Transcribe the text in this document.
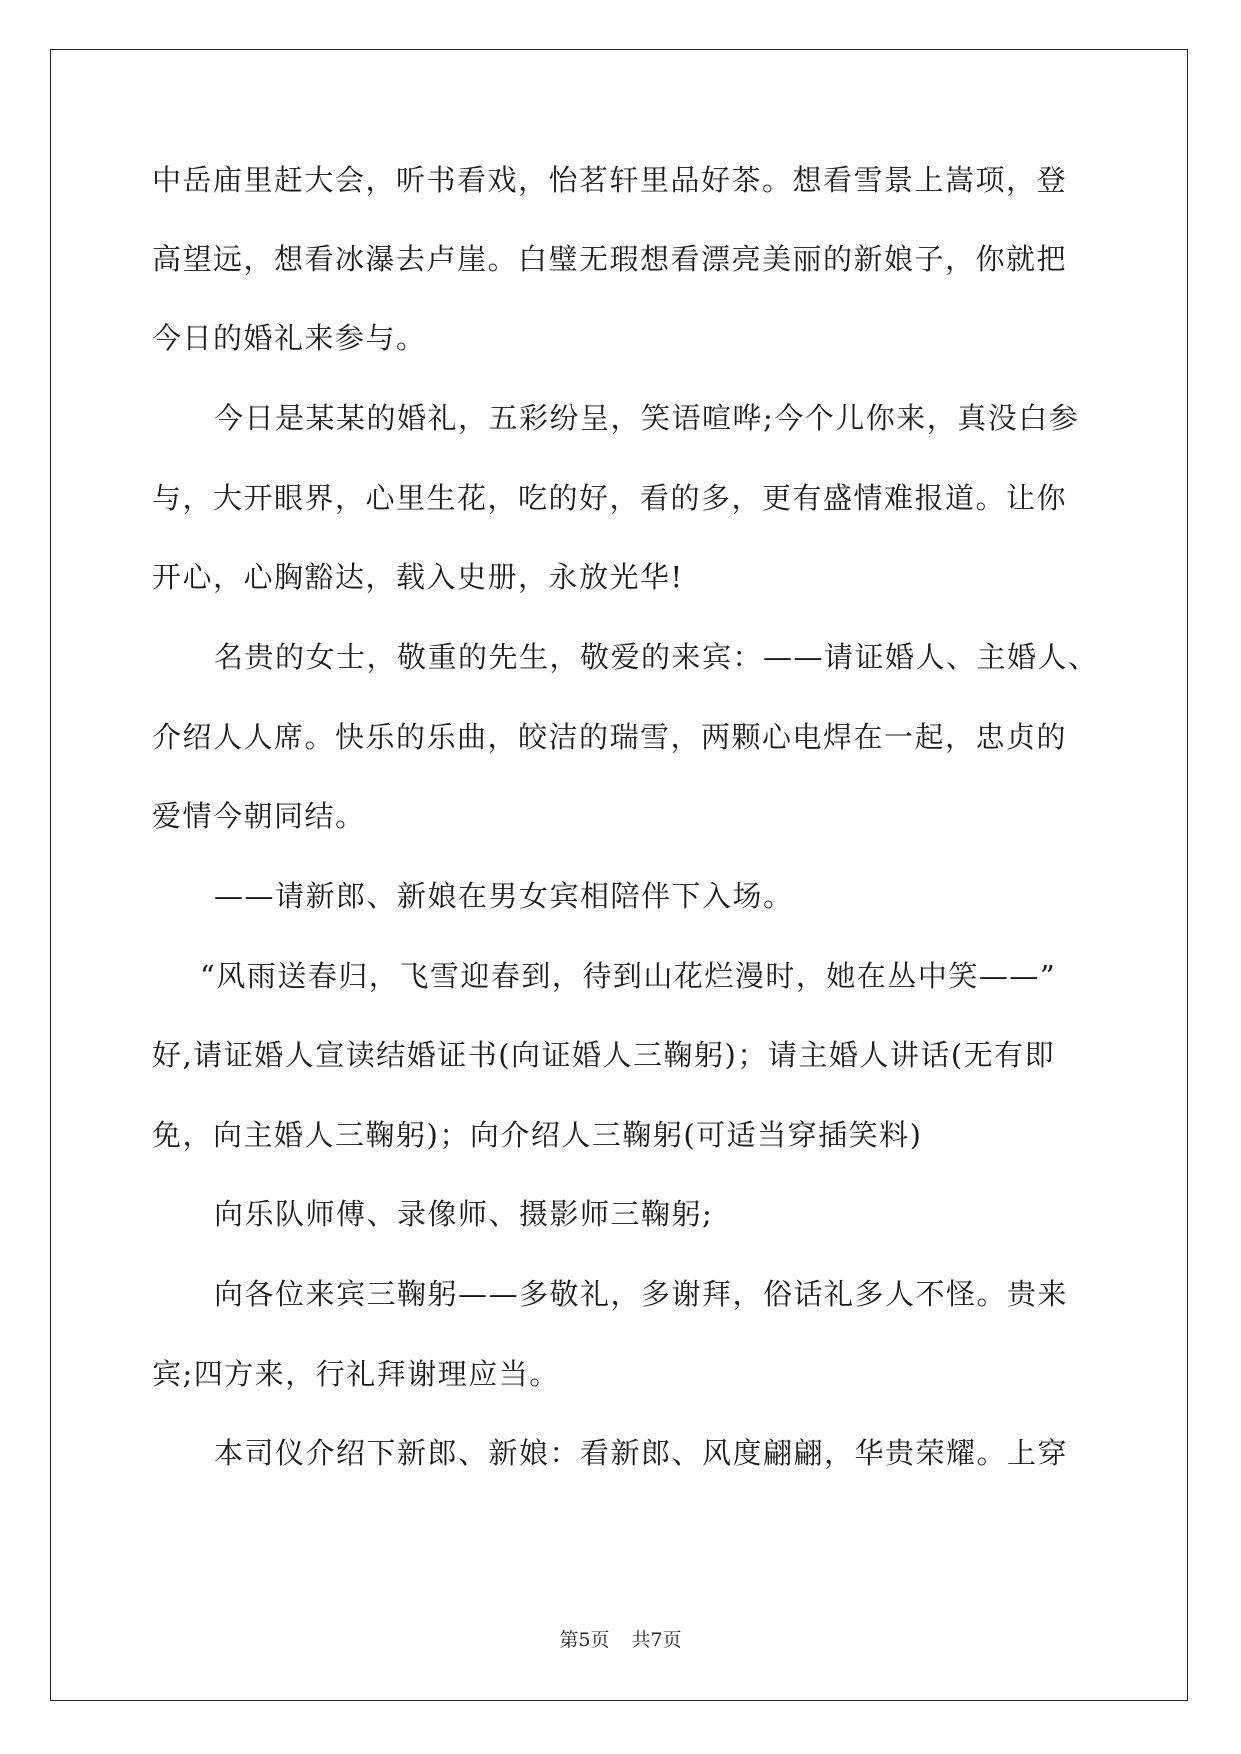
中岳庙里赶大会，听书看戏，怡茗轩里品好茶。想看雪景上嵩项，登
高望远，想看冰瀑去卢崖。白璧无瑕想看漂亮美丽的新娘子，你就把
今日的婚礼来参与。
今日是某某的婚礼，五彩纷呈，笑语喧哗;今个儿你来，真没白参
与，大开眼界，心里生花，吃的好，看的多，更有盛情难报道。让你
开心，心胸豁达，载入史册，永放光华!
名贵的女士，敬重的先生，敬爱的来宾：——请证婚人、主婚人、
介绍人人席。快乐的乐曲，皎洁的瑞雪，两颗心电焊在一起，忠贞的
爱情今朝同结。
——请新郎、新娘在男女宾相陪伴下入场。
“风雨送春归，飞雪迎春到，待到山花烂漫时，她在丛中笑——”
好,请证婚人宣读结婚证书(向证婚人三鞠躬)；请主婚人讲话(无有即
免，向主婚人三鞠躬)；向介绍人三鞠躬(可适当穿插笑料)
向乐队师傅、录像师、摄影师三鞠躬;
向各位来宾三鞠躬——多敬礼，多谢拜，俗话礼多人不怪。贵来
宾;四方来，行礼拜谢理应当。
本司仪介绍下新郎、新娘：看新郎、风度翩翩，华贵荣耀。上穿
第5页 共7页
